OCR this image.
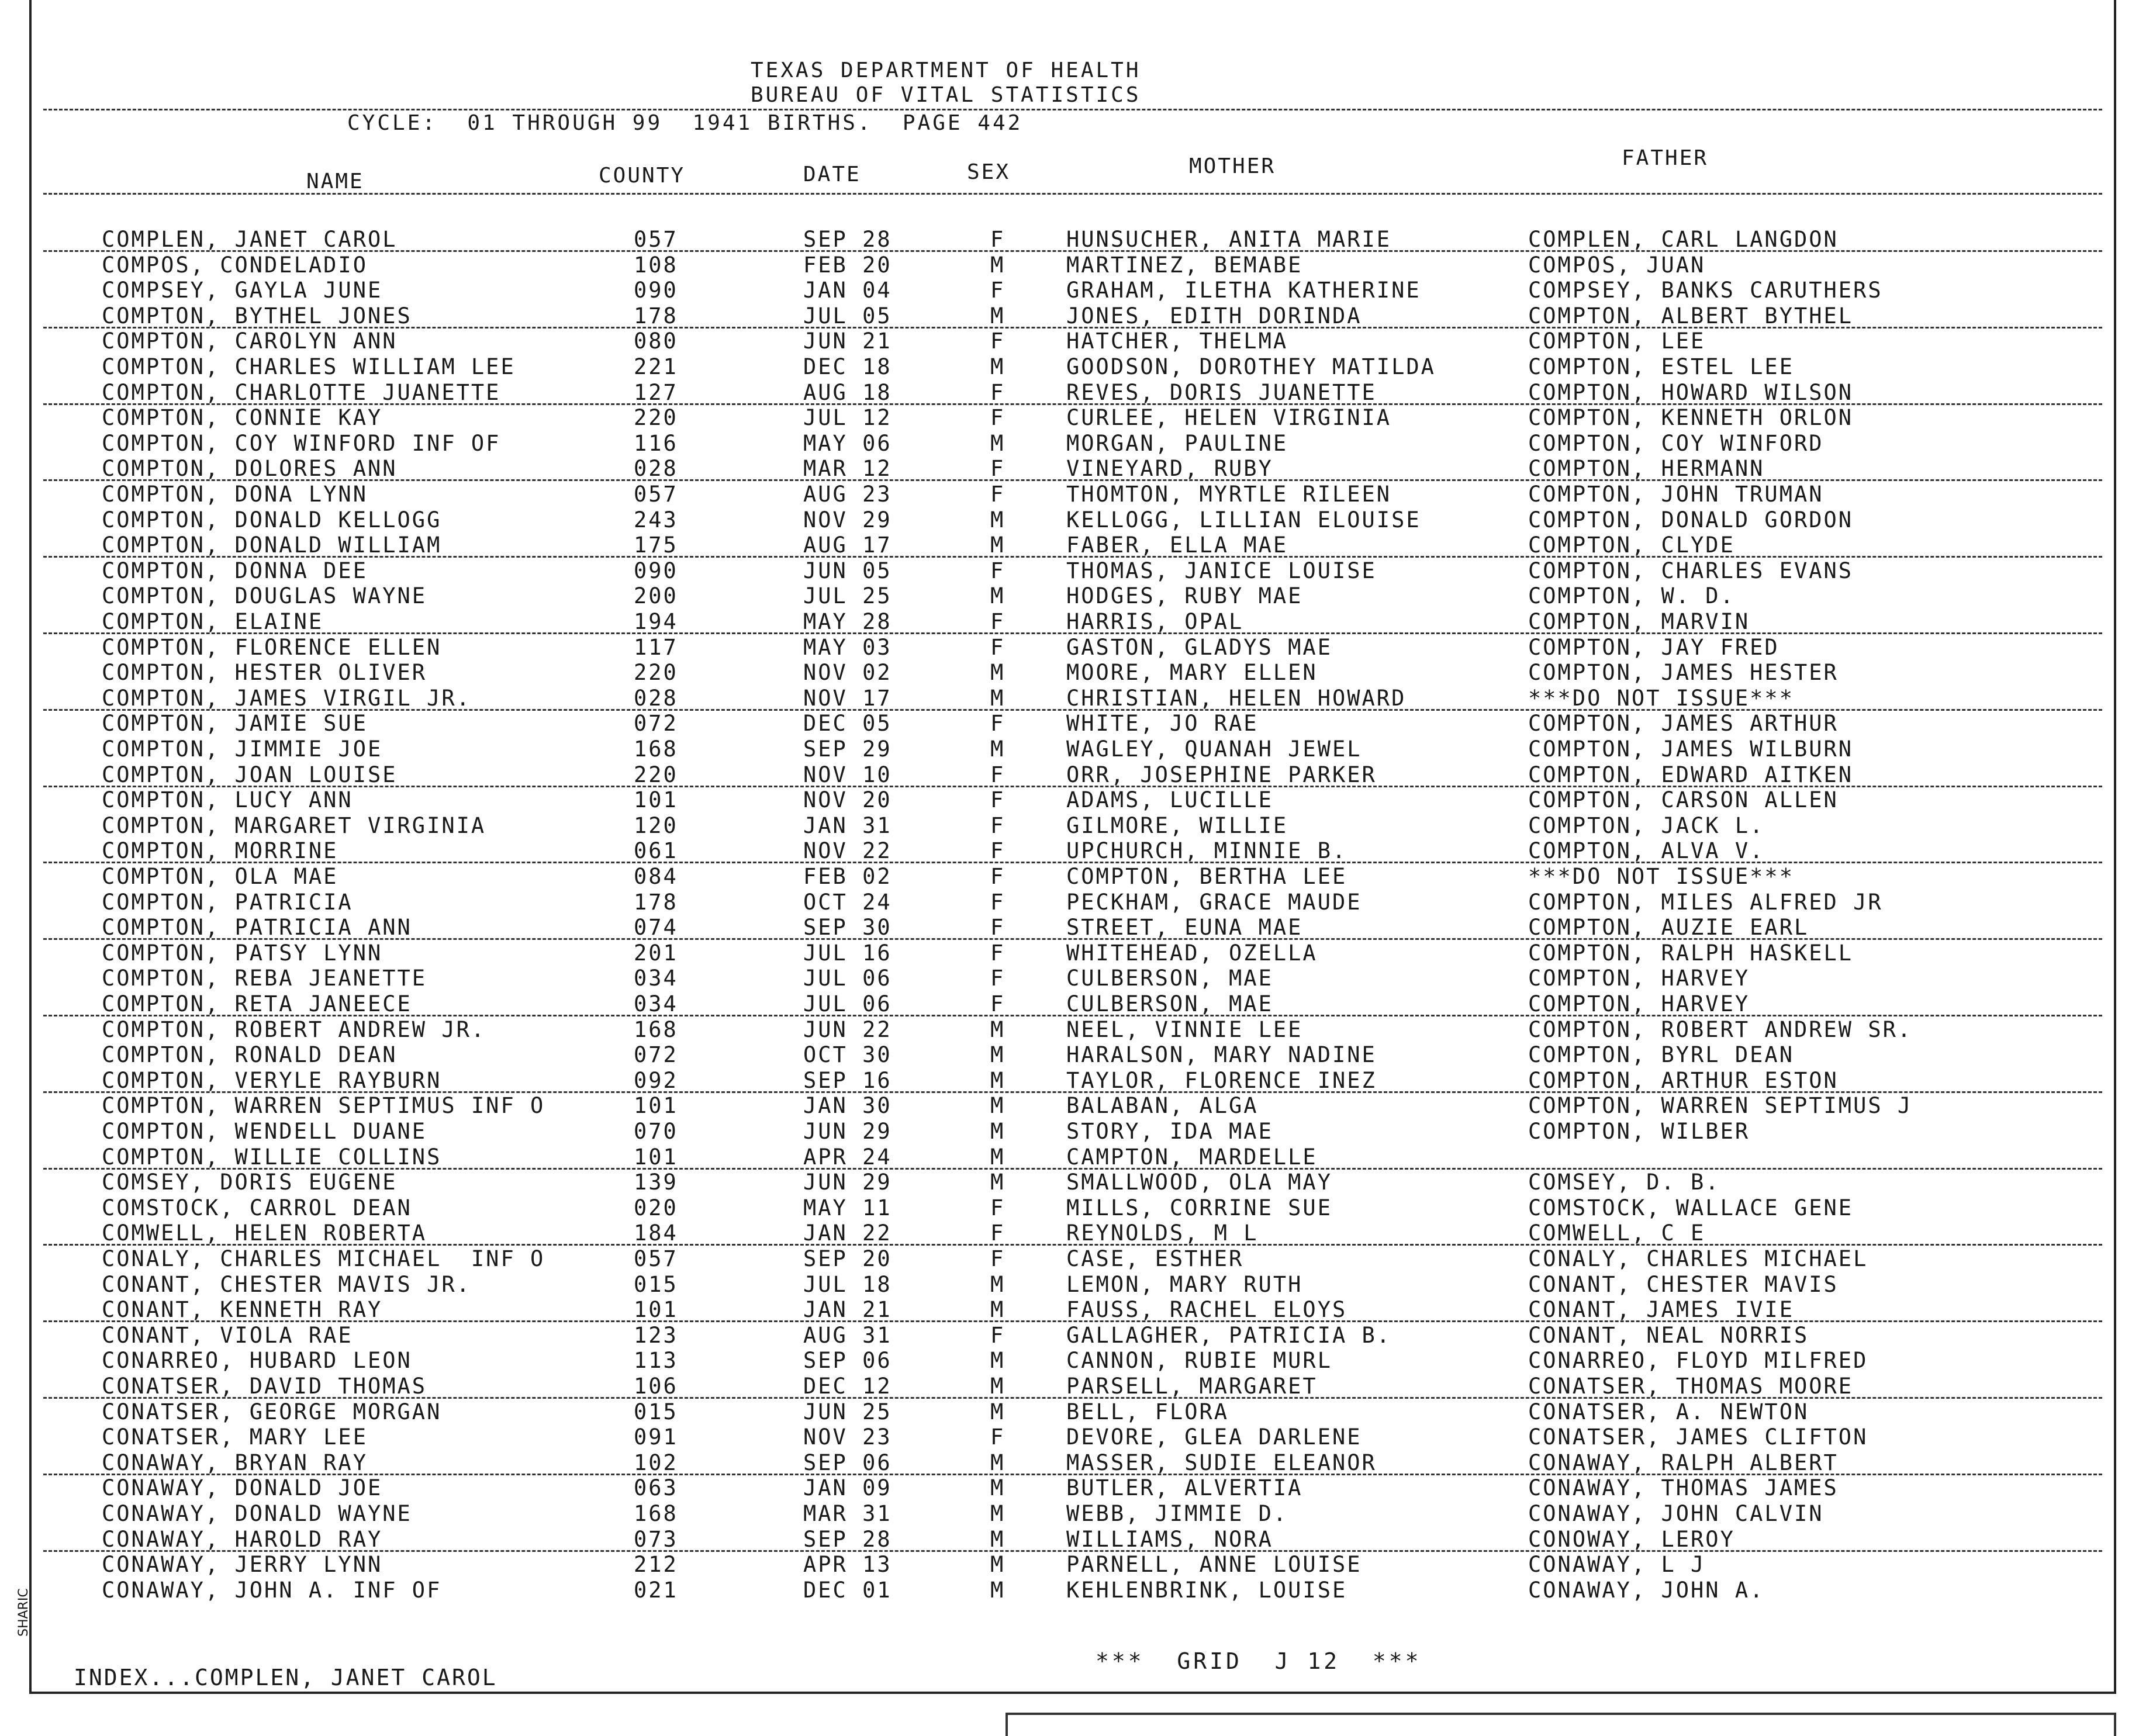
TEXAS DEPARTMENT OF HEALTH
BUREAU OF VITAL STATISTICS
CYCLE:  01 THROUGH 99  1941 BIRTHS.  PAGE 442
NAME	COUNTY	DATE	SEX	MOTHER	FATHER
COMPLEN, JANET CAROL	057	SEP 28	F	HUNSUCHER, ANITA MARIE	COMPLEN, CARL LANGDON
COMPOS, CONDELADIO	108	FEB 20	M	MARTINEZ, BEMABE	COMPOS, JUAN
COMPSEY, GAYLA JUNE	090	JAN 04	F	GRAHAM, ILETHA KATHERINE	COMPSEY, BANKS CARUTHERS
COMPTON, BYTHEL JONES	178	JUL 05	M	JONES, EDITH DORINDA	COMPTON, ALBERT BYTHEL
COMPTON, CAROLYN ANN	080	JUN 21	F	HATCHER, THELMA	COMPTON, LEE
COMPTON, CHARLES WILLIAM LEE	221	DEC 18	M	GOODSON, DOROTHEY MATILDA	COMPTON, ESTEL LEE
COMPTON, CHARLOTTE JUANETTE	127	AUG 18	F	REVES, DORIS JUANETTE	COMPTON, HOWARD WILSON
COMPTON, CONNIE KAY	220	JUL 12	F	CURLEE, HELEN VIRGINIA	COMPTON, KENNETH ORLON
COMPTON, COY WINFORD INF OF	116	MAY 06	M	MORGAN, PAULINE	COMPTON, COY WINFORD
COMPTON, DOLORES ANN	028	MAR 12	F	VINEYARD, RUBY	COMPTON, HERMANN
COMPTON, DONA LYNN	057	AUG 23	F	THOMTON, MYRTLE RILEEN	COMPTON, JOHN TRUMAN
COMPTON, DONALD KELLOGG	243	NOV 29	M	KELLOGG, LILLIAN ELOUISE	COMPTON, DONALD GORDON
COMPTON, DONALD WILLIAM	175	AUG 17	M	FABER, ELLA MAE	COMPTON, CLYDE
COMPTON, DONNA DEE	090	JUN 05	F	THOMAS, JANICE LOUISE	COMPTON, CHARLES EVANS
COMPTON, DOUGLAS WAYNE	200	JUL 25	M	HODGES, RUBY MAE	COMPTON, W. D.
COMPTON, ELAINE	194	MAY 28	F	HARRIS, OPAL	COMPTON, MARVIN
COMPTON, FLORENCE ELLEN	117	MAY 03	F	GASTON, GLADYS MAE	COMPTON, JAY FRED
COMPTON, HESTER OLIVER	220	NOV 02	M	MOORE, MARY ELLEN	COMPTON, JAMES HESTER
COMPTON, JAMES VIRGIL JR.	028	NOV 17	M	CHRISTIAN, HELEN HOWARD	***DO NOT ISSUE***
COMPTON, JAMIE SUE	072	DEC 05	F	WHITE, JO RAE	COMPTON, JAMES ARTHUR
COMPTON, JIMMIE JOE	168	SEP 29	M	WAGLEY, QUANAH JEWEL	COMPTON, JAMES WILBURN
COMPTON, JOAN LOUISE	220	NOV 10	F	ORR, JOSEPHINE PARKER	COMPTON, EDWARD AITKEN
COMPTON, LUCY ANN	101	NOV 20	F	ADAMS, LUCILLE	COMPTON, CARSON ALLEN
COMPTON, MARGARET VIRGINIA	120	JAN 31	F	GILMORE, WILLIE	COMPTON, JACK L.
COMPTON, MORRINE	061	NOV 22	F	UPCHURCH, MINNIE B.	COMPTON, ALVA V.
COMPTON, OLA MAE	084	FEB 02	F	COMPTON, BERTHA LEE	***DO NOT ISSUE***
COMPTON, PATRICIA	178	OCT 24	F	PECKHAM, GRACE MAUDE	COMPTON, MILES ALFRED JR
COMPTON, PATRICIA ANN	074	SEP 30	F	STREET, EUNA MAE	COMPTON, AUZIE EARL
COMPTON, PATSY LYNN	201	JUL 16	F	WHITEHEAD, OZELLA	COMPTON, RALPH HASKELL
COMPTON, REBA JEANETTE	034	JUL 06	F	CULBERSON, MAE	COMPTON, HARVEY
COMPTON, RETA JANEECE	034	JUL 06	F	CULBERSON, MAE	COMPTON, HARVEY
COMPTON, ROBERT ANDREW JR.	168	JUN 22	M	NEEL, VINNIE LEE	COMPTON, ROBERT ANDREW SR.
COMPTON, RONALD DEAN	072	OCT 30	M	HARALSON, MARY NADINE	COMPTON, BYRL DEAN
COMPTON, VERYLE RAYBURN	092	SEP 16	M	TAYLOR, FLORENCE INEZ	COMPTON, ARTHUR ESTON
COMPTON, WARREN SEPTIMUS INF O	101	JAN 30	M	BALABAN, ALGA	COMPTON, WARREN SEPTIMUS J
COMPTON, WENDELL DUANE	070	JUN 29	M	STORY, IDA MAE	COMPTON, WILBER
COMPTON, WILLIE COLLINS	101	APR 24	M	CAMPTON, MARDELLE
COMSEY, DORIS EUGENE	139	JUN 29	M	SMALLWOOD, OLA MAY	COMSEY, D. B.
COMSTOCK, CARROL DEAN	020	MAY 11	F	MILLS, CORRINE SUE	COMSTOCK, WALLACE GENE
COMWELL, HELEN ROBERTA	184	JAN 22	F	REYNOLDS, M L	COMWELL, C E
CONALY, CHARLES MICHAEL  INF O	057	SEP 20	F	CASE, ESTHER	CONALY, CHARLES MICHAEL
CONANT, CHESTER MAVIS JR.	015	JUL 18	M	LEMON, MARY RUTH	CONANT, CHESTER MAVIS
CONANT, KENNETH RAY	101	JAN 21	M	FAUSS, RACHEL ELOYS	CONANT, JAMES IVIE
CONANT, VIOLA RAE	123	AUG 31	F	GALLAGHER, PATRICIA B.	CONANT, NEAL NORRIS
CONARREO, HUBARD LEON	113	SEP 06	M	CANNON, RUBIE MURL	CONARREO, FLOYD MILFRED
CONATSER, DAVID THOMAS	106	DEC 12	M	PARSELL, MARGARET	CONATSER, THOMAS MOORE
CONATSER, GEORGE MORGAN	015	JUN 25	M	BELL, FLORA	CONATSER, A. NEWTON
CONATSER, MARY LEE	091	NOV 23	F	DEVORE, GLEA DARLENE	CONATSER, JAMES CLIFTON
CONAWAY, BRYAN RAY	102	SEP 06	M	MASSER, SUDIE ELEANOR	CONAWAY, RALPH ALBERT
CONAWAY, DONALD JOE	063	JAN 09	M	BUTLER, ALVERTIA	CONAWAY, THOMAS JAMES
CONAWAY, DONALD WAYNE	168	MAR 31	M	WEBB, JIMMIE D.	CONAWAY, JOHN CALVIN
CONAWAY, HAROLD RAY	073	SEP 28	M	WILLIAMS, NORA	CONOWAY, LEROY
CONAWAY, JERRY LYNN	212	APR 13	M	PARNELL, ANNE LOUISE	CONAWAY, L J
CONAWAY, JOHN A. INF OF	021	DEC 01	M	KEHLENBRINK, LOUISE	CONAWAY, JOHN A.
INDEX...COMPLEN, JANET CAROL
***  GRID  J 12  ***
SHARIC
